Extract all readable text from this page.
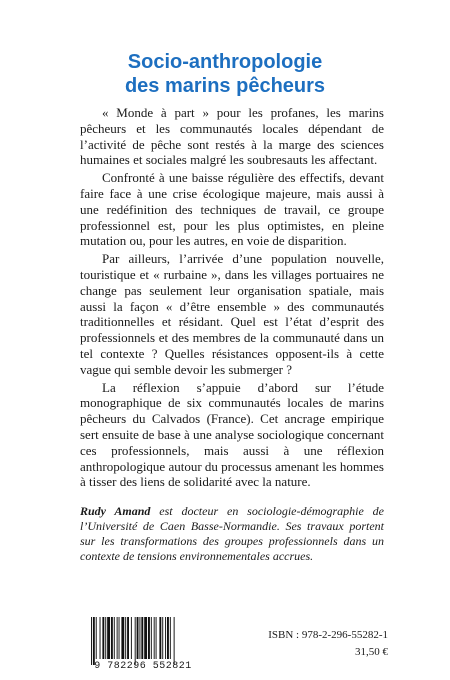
Socio-anthropologie
des marins pêcheurs

« Monde à part » pour les profanes, les marins pêcheurs et les communautés locales dépendant de l’activité de pêche sont restés à la marge des sciences humaines et sociales malgré les soubresauts les affectant.

Confronté à une baisse régulière des effectifs, devant faire face à une crise écologique majeure, mais aussi à une redéfinition des techniques de travail, ce groupe professionnel est, pour les plus optimistes, en pleine mutation ou, pour les autres, en voie de disparition.

Par ailleurs, l’arrivée d’une population nouvelle, touristique et « rurbaine », dans les villages portuaires ne change pas seulement leur organisation spatiale, mais aussi la façon « d’être ensemble » des communautés traditionnelles et résidant. Quel est l’état d’esprit des professionnels et des membres de la communauté dans un tel contexte ? Quelles résistances opposent-ils à cette vague qui semble devoir les submerger ?

La réflexion s’appuie d’abord sur l’étude monographique de six communautés locales de marins pêcheurs du Calvados (France). Cet ancrage empirique sert ensuite de base à une analyse sociologique concernant ces professionnels, mais aussi à une réflexion anthropologique autour du processus amenant les hommes à tisser des liens de solidarité avec la nature.

Rudy Amand est docteur en sociologie-démographie de l’Université de Caen Basse-Normandie. Ses travaux portent sur les transformations des groupes professionnels dans un contexte de tensions environnementales accrues.
9 782296 552821
ISBN : 978-2-296-55282-1
31,50 €
